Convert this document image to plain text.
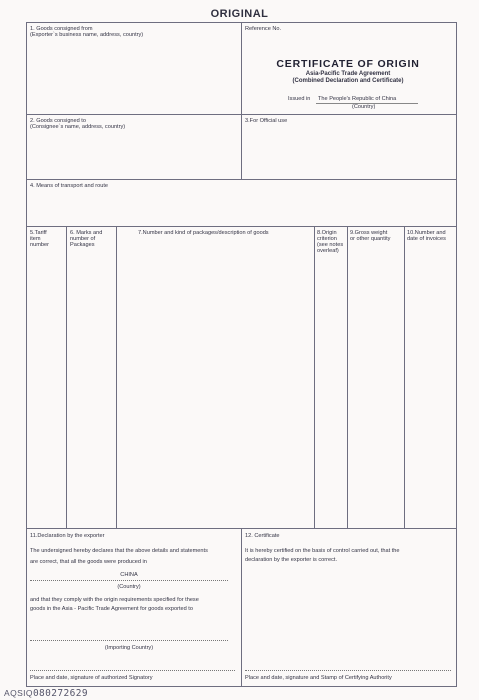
ORIGINAL
1. Goods consigned from
(Exporter`s business name, address, country)
Reference No.
CERTIFICATE OF ORIGIN
Asia-Pacific Trade Agreement
(Combined Declaration and Certificate)
Issued in The People's Republic of China
(Country)
2. Goods consigned to
(Consignee`s name, address, country)
3.For Official use
4. Means of transport and route
5.Tariff
item
number
6. Marks and
number of
Packages
7.Number and kind of packages/description of goods	8.Origin
criterion
(see notes
overleaf)
9.Gross weight
or other quantity
10.Number and
date of invoices
11.Declaration by the exporter
The undersigned hereby declares that the above details and statements
are correct, that all the goods were produced in
CHINA
(Country)
and that they comply with the origin requirements specified for these
goods in the Asia - Pacific Trade Agreement for goods exported to
(Importing Country)
Place and date, signature of authorized Signatory
12. Certificate
It is hereby certified on the basis of control carried out, that the
declaration by the exporter is correct.
Place and date, signature and Stamp of Certifying Authority
AQSIQ080272629
